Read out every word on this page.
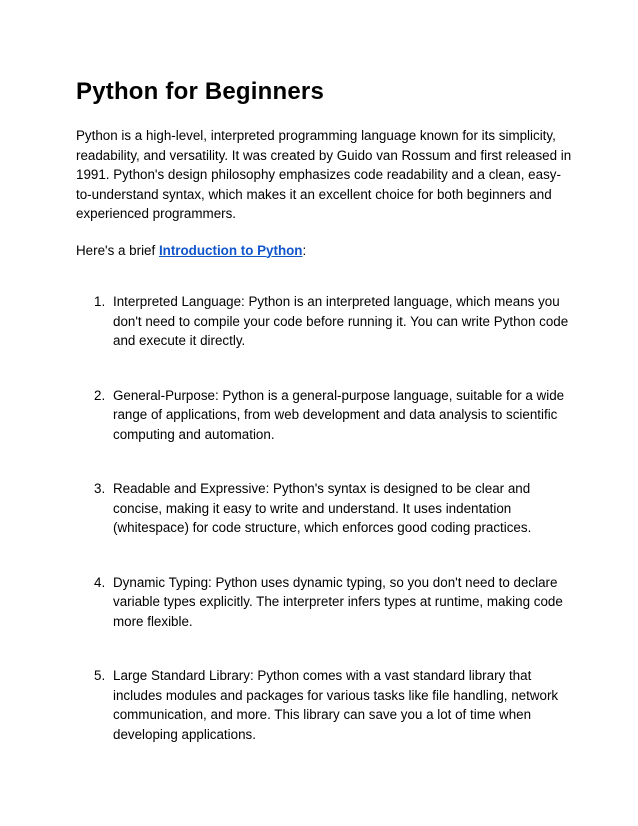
Python for Beginners

Python is a high-level, interpreted programming language known for its simplicity, readability, and versatility. It was created by Guido van Rossum and first released in 1991. Python's design philosophy emphasizes code readability and a clean, easy-to-understand syntax, which makes it an excellent choice for both beginners and experienced programmers.

Here's a brief Introduction to Python:

1. Interpreted Language: Python is an interpreted language, which means you don't need to compile your code before running it. You can write Python code and execute it directly.
2. General-Purpose: Python is a general-purpose language, suitable for a wide range of applications, from web development and data analysis to scientific computing and automation.
3. Readable and Expressive: Python's syntax is designed to be clear and concise, making it easy to write and understand. It uses indentation (whitespace) for code structure, which enforces good coding practices.
4. Dynamic Typing: Python uses dynamic typing, so you don't need to declare variable types explicitly. The interpreter infers types at runtime, making code more flexible.
5. Large Standard Library: Python comes with a vast standard library that includes modules and packages for various tasks like file handling, network communication, and more. This library can save you a lot of time when developing applications.
